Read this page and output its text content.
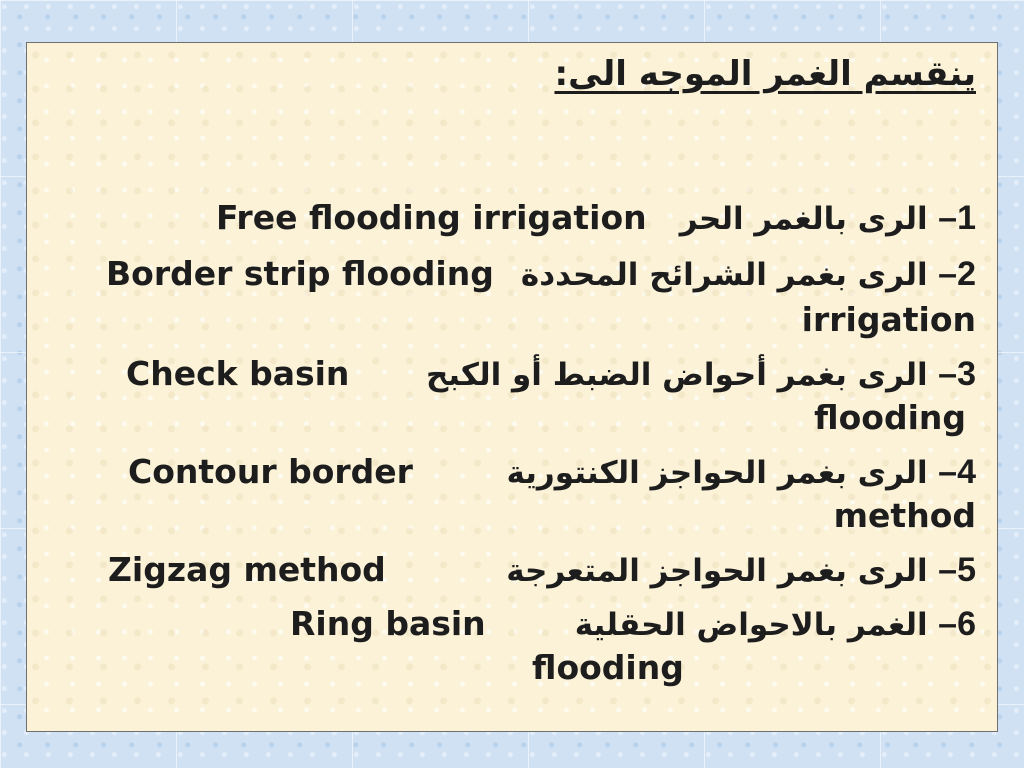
ينقسم الغمر الموجه الى:
Free flooding irrigation الرى بالغمر الحر –1
Border strip flooding الرى بغمر الشرائح المحددة –2
irrigation
Check basin الرى بغمر أحواض الضبط أو الكبح –3
flooding
Contour border	الرى بغمر الحواجز الكنتورية –4
method
Zigzag method	الرى بغمر الحواجز المتعرجة –5
Ring basin	الغمر بالاحواض الحقلية –6
flooding
